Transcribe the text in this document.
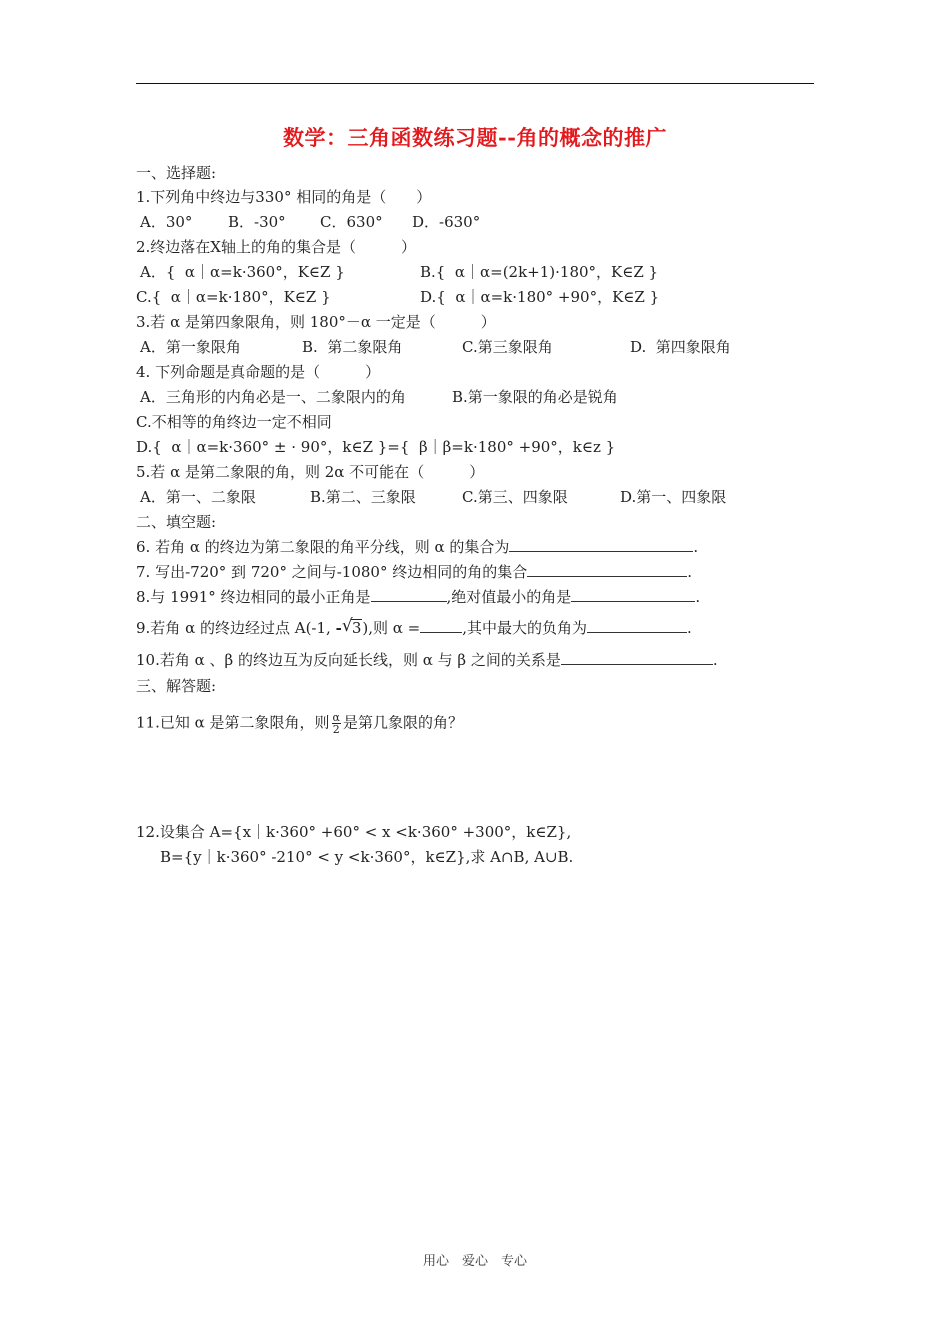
数学：三角函数练习题--角的概念的推广
一、选择题:
1.下列角中终边与330° 相同的角是（　　）
A．30° B．-30° C．630° D．-630°
2.终边落在X轴上的角的集合是（　　　）
A．{  α｜α=k·360°，K∈Z }	B.{  α｜α=(2k+1)·180°，K∈Z }
C.{  α｜α=k·180°，K∈Z }	D.{  α｜α=k·180° +90°，K∈Z }
3.若 α 是第四象限角，则 180°－α 一定是（　　　）
A．第一象限角	B.  第二象限角	C.第三象限角	D.  第四象限角
4. 下列命题是真命题的是（　　　）
A．三角形的内角必是一、二象限内的角	B.第一象限的角必是锐角
C.不相等的角终边一定不相同
D.{  α｜α=k·360° ± · 90°，k∈Z }={  β｜β=k·180° +90°，k∈z }
5.若 α 是第二象限的角，则 2α 不可能在（　　　）
A．第一、二象限	B.第二、三象限	C.第三、四象限	D.第一、四象限
二、填空题:
6. 若角 α 的终边为第二象限的角平分线，则 α 的集合为	.
7. 写出-720° 到 720° 之间与-1080° 终边相同的角的集合	.
8.与 1991° 终边相同的最小正角是	,绝对值最小的角是	.
9.若角 α 的终边经过点 A(-1, - √ 3),则 α =	,其中最大的负角为	.
10.若角 α 、β 的终边互为反向延长线，则 α 与 β 之间的关系是	.
三、解答题:
11.已知 α 是第二象限角，则 $\frac{\alpha}{2}$ 是第几象限的角？
12.设集合 A={x｜k·360° +60° < x <k·360° +300°，k∈Z},
B={y｜k·360° -210° < y <k·360°，k∈Z},求 A∩B, A∪B.
用心　爱心　专心
